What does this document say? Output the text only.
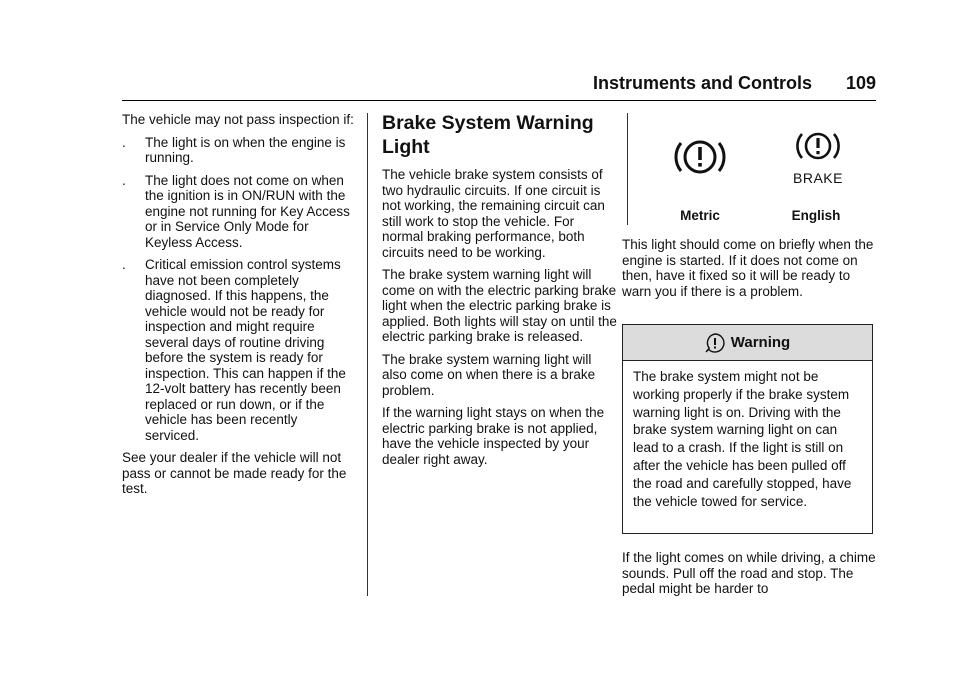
Instruments and Controls	109

The vehicle may not pass inspection if:

.	The light is on when the engine is running.
.	The light does not come on when the ignition is in ON/RUN with the engine not running for Key Access or in Service Only Mode for Keyless Access.
.	Critical emission control systems have not been completely diagnosed. If this happens, the vehicle would not be ready for inspection and might require several days of routine driving before the system is ready for inspection. This can happen if the 12-volt battery has recently been replaced or run down, or if the vehicle has been recently serviced.

See your dealer if the vehicle will not pass or cannot be made ready for the test.

Brake System Warning
Light

The vehicle brake system consists of two hydraulic circuits. If one circuit is not working, the remaining circuit can still work to stop the vehicle. For normal braking performance, both circuits need to be working.

The brake system warning light will come on with the electric parking brake light when the electric parking brake is applied. Both lights will stay on until the electric parking brake is released.

The brake system warning light will also come on when there is a brake problem.

If the warning light stays on when the electric parking brake is not applied, have the vehicle inspected by your dealer right away.

BRAKE
Metric	English

This light should come on briefly when the engine is started. If it does not come on then, have it fixed so it will be ready to warn you if there is a problem.

Warning
The brake system might not be working properly if the brake system warning light is on. Driving with the brake system warning light on can lead to a crash. If the light is still on after the vehicle has been pulled off the road and carefully stopped, have the vehicle towed for service.

If the light comes on while driving, a chime sounds. Pull off the road and stop. The pedal might be harder to
